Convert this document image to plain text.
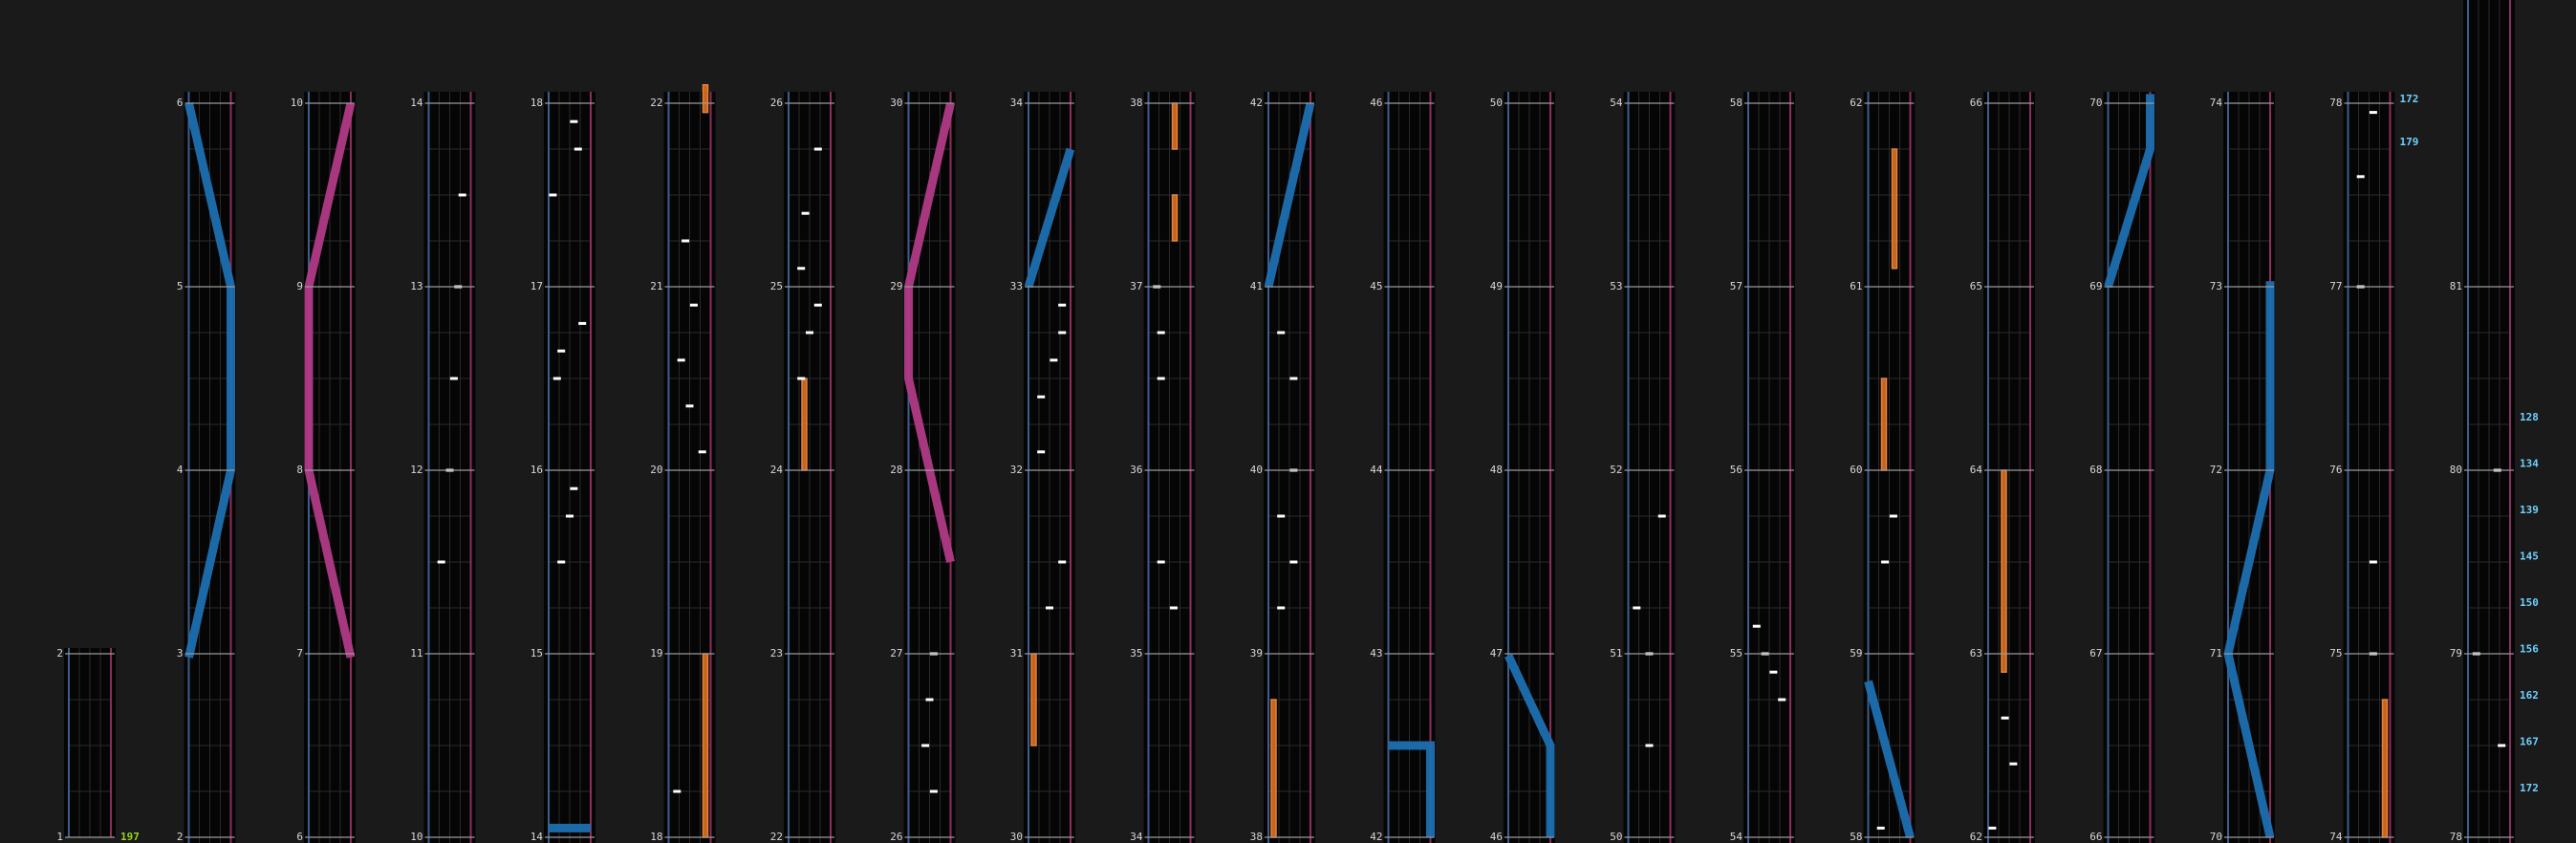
1
2
197	2
3
4
5
6
6
7
8
9
10
10
11
12
13
14
14
15
16
17
18
18
19
20
21
22
22
23
24
25
26
26
27
28
29
30
30
31
32
33
34
34
35
36
37
38
38
39
40
41
42
42
43
44
45
46
46
47
48
49
50
50
51
52
53
54
54
55
56
57
58
58
59
60
61
62
62
63
64
65
66
66
67
68
69
70
70
71
72
73
74
74
75
76
77
78	172
179
78
79
80
81
128
134
139
145
150
156
162
167
172
